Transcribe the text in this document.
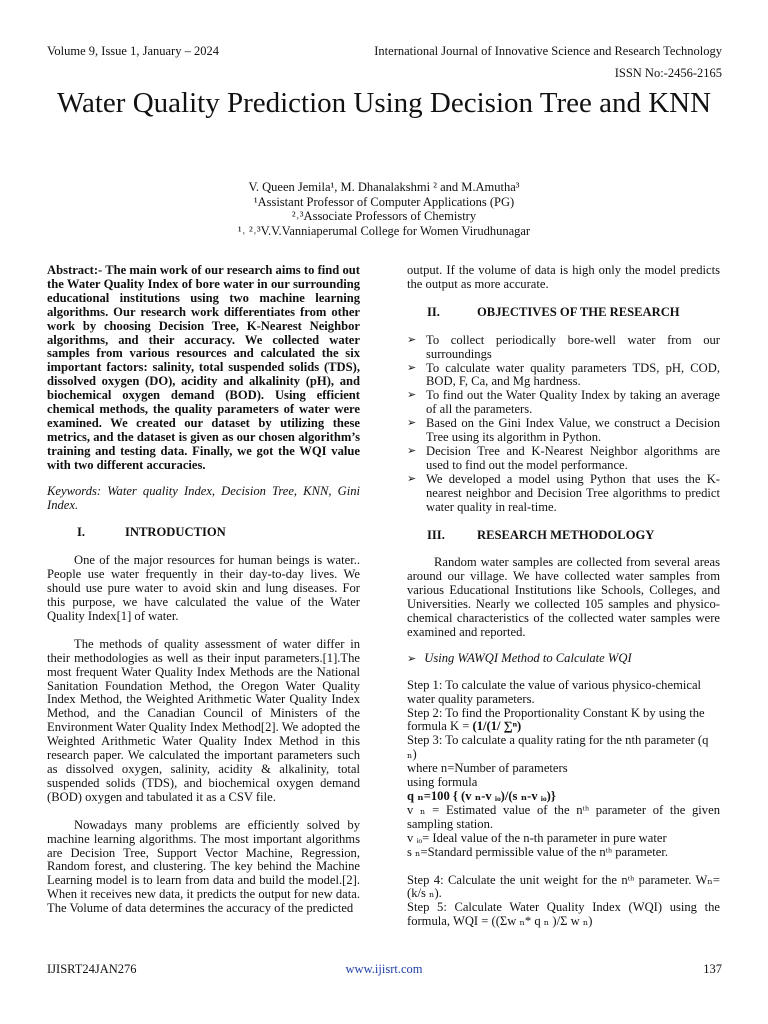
Volume 9, Issue 1, January – 2024	International Journal of Innovative Science and Research Technology
ISSN No:-2456-2165
Water Quality Prediction Using Decision Tree and KNN
V. Queen Jemila¹, M. Dhanalakshmi ² and M.Amutha³
¹Assistant Professor of Computer Applications (PG)
²˒³Associate Professors of Chemistry
¹˒ ²˒³V.V.Vanniaperumal College for Women Virudhunagar

Abstract:- The main work of our research aims to find out the Water Quality Index of bore water in our surrounding educational institutions using two machine learning algorithms. Our research work differentiates from other work by choosing Decision Tree, K-Nearest Neighbor algorithms, and their accuracy. We collected water samples from various resources and calculated the six important factors: salinity, total suspended solids (TDS), dissolved oxygen (DO), acidity and alkalinity (pH), and biochemical oxygen demand (BOD). Using efficient chemical methods, the quality parameters of water were examined. We created our dataset by utilizing these metrics, and the dataset is given as our chosen algorithm’s training and testing data. Finally, we got the WQI value with two different accuracies.

Keywords: Water quality Index, Decision Tree, KNN, Gini Index.

I.	INTRODUCTION

One of the major resources for human beings is water.. People use water frequently in their day-to-day lives. We should use pure water to avoid skin and lung diseases. For this purpose, we have calculated the value of the Water Quality Index[1] of water.

The methods of quality assessment of water differ in their methodologies as well as their input parameters.[1].The most frequent Water Quality Index Methods are the National Sanitation Foundation Method, the Oregon Water Quality Index Method, the Weighted Arithmetic Water Quality Index Method, and the Canadian Council of Ministers of the Environment Water Quality Index Method[2]. We adopted the Weighted Arithmetic Water Quality Index Method in this research paper. We calculated the important parameters such as dissolved oxygen, salinity, acidity & alkalinity, total suspended solids (TDS), and biochemical oxygen demand (BOD) oxygen and tabulated it as a CSV file.

Nowadays many problems are efficiently solved by machine learning algorithms. The most important algorithms are Decision Tree, Support Vector Machine, Regression, Random forest, and clustering. The key behind the Machine Learning model is to learn from data and build the model.[2]. When it receives new data, it predicts the output for new data. The Volume of data determines the accuracy of the predicted

output. If the volume of data is high only the model predicts the output as more accurate.

II.	OBJECTIVES OF THE RESEARCH
➢ To collect periodically bore-well water from our surroundings
➢ To calculate water quality parameters TDS, pH, COD, BOD, F, Ca, and Mg hardness.
➢ To find out the Water Quality Index by taking an average of all the parameters.
➢ Based on the Gini Index Value, we construct a Decision Tree using its algorithm in Python.
➢ Decision Tree and K-Nearest Neighbor algorithms are used to find out the model performance.
➢ We developed a model using Python that uses the K-nearest neighbor and Decision Tree algorithms to predict water quality in real-time.
III.	RESEARCH METHODOLOGY

Random water samples are collected from several areas around our village. We have collected water samples from various Educational Institutions like Schools, Colleges, and Universities. Nearly we collected 105 samples and physico-chemical characteristics of the collected water samples were examined and reported.

➢ Using WAWQI Method to Calculate WQI

Step 1: To calculate the value of various physico-chemical water quality parameters.

Step 2: To find the Proportionality Constant K by using the formula K = (1/(1/ ∑ⁿ)

Step 3: To calculate a quality rating for the nth parameter (q ₙ)

where n=Number of parameters

using formula

q ₙ=100 { (v ₙ-v ᵢₒ)/(s ₙ-v ᵢₒ)}

v ₙ = Estimated value of the nᵗʰ parameter of the given sampling station.

v ᵢₒ= Ideal value of the n-th parameter in pure water

s ₙ=Standard permissible value of the nᵗʰ parameter.

Step 4: Calculate the unit weight for the nᵗʰ parameter. Wₙ=(k/s ₙ).

Step 5: Calculate Water Quality Index (WQI) using the formula, WQI = ((Σw ₙ* q ₙ )/Σ w ₙ)

IJISRT24JAN276	www.ijisrt.com	137
